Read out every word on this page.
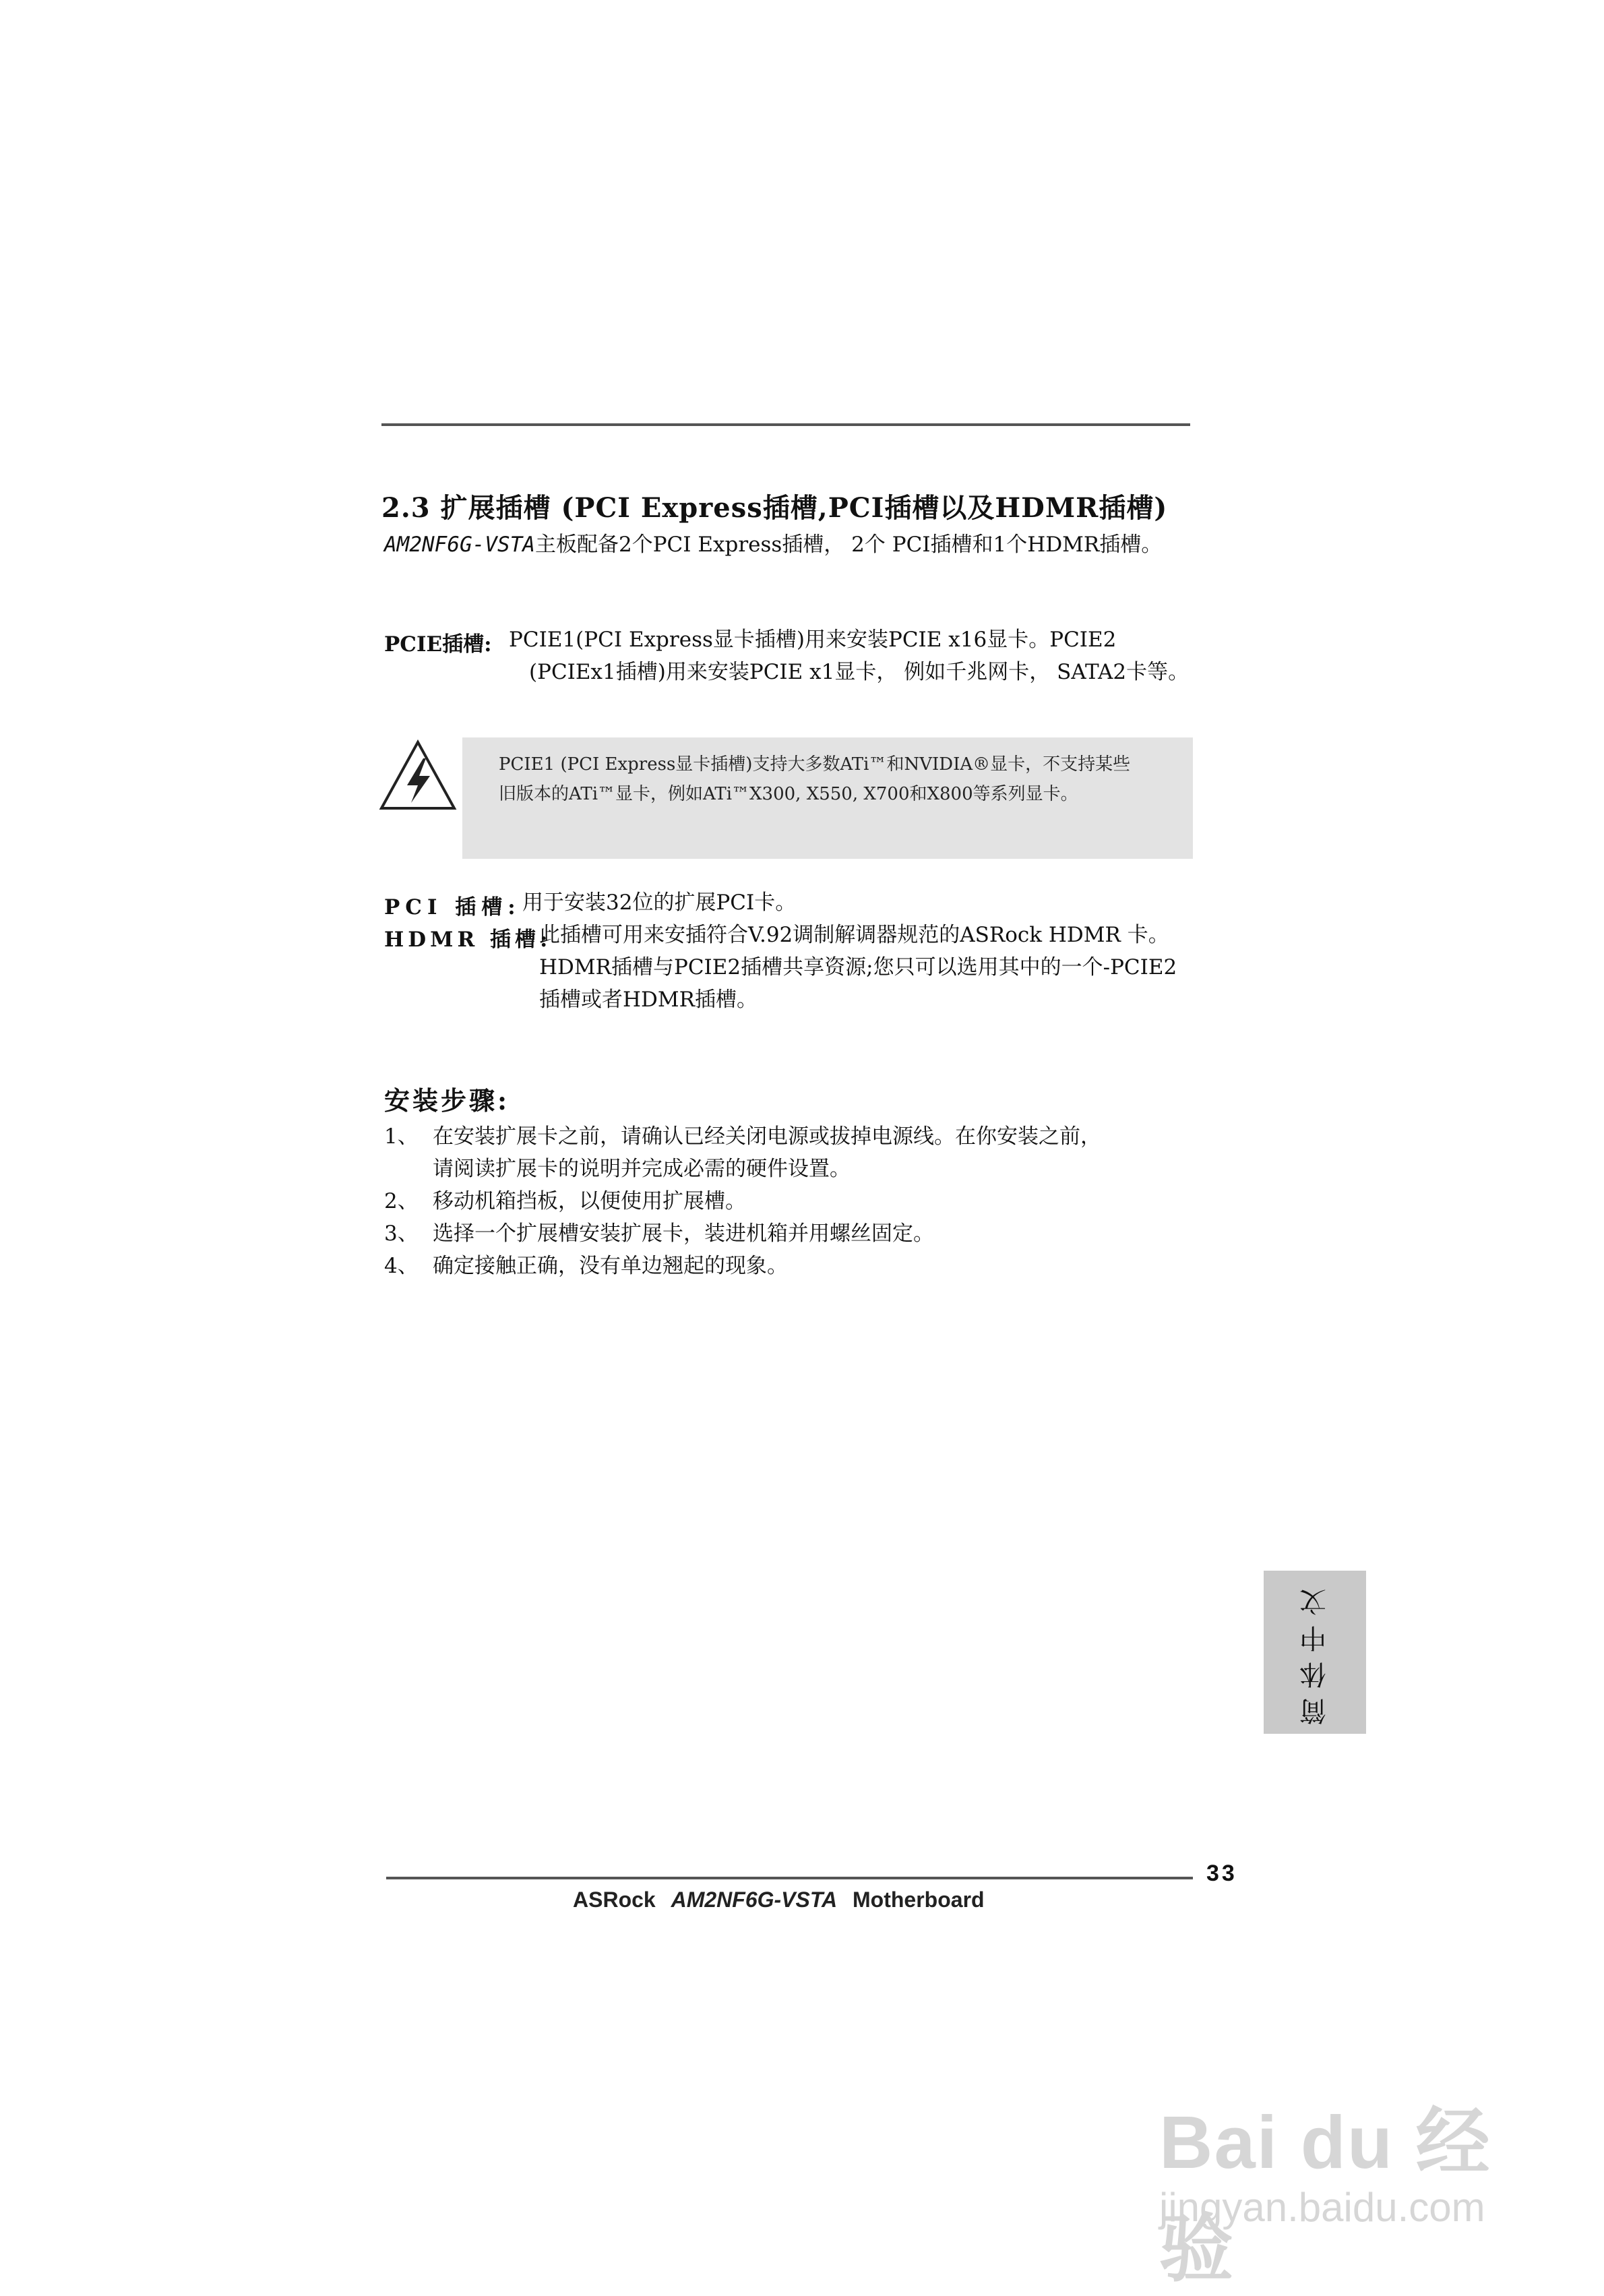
2.3 扩展插槽 (PCI Express插槽,PCI插槽以及HDMR插槽)
AM2NF6G-VSTA主板配备2个PCI Express插槽， 2个 PCI插槽和1个HDMR插槽。
PCIE插槽: PCIE1(PCI Express显卡插槽)用来安装PCIE x16显卡。PCIE2
(PCIEx1插槽)用来安装PCIE x1显卡， 例如千兆网卡， SATA2卡等。
PCIE1 (PCI Express显卡插槽)支持大多数ATi™和NVIDIA®显卡，不支持某些旧版本的ATi™显卡，例如ATi™X300, X550, X700和X800等系列显卡。
PCI 插槽: 用于安装32位的扩展PCI卡。
HDMR 插槽:
此插槽可用来安插符合V.92调制解调器规范的ASRock HDMR 卡。HDMR插槽与PCIE2插槽共享资源;您只可以选用其中的一个-PCIE2插槽或者HDMR插槽。
安装步骤:
1、 在安装扩展卡之前，请确认已经关闭电源或拔掉电源线。在你安装之前，
请阅读扩展卡的说明并完成必需的硬件设置。
2、 移动机箱挡板，以便使用扩展槽。
3、 选择一个扩展槽安装扩展卡，装进机箱并用螺丝固定。
4、 确定接触正确，没有单边翘起的现象。
简体中文
33
ASRock AM2NF6G-VSTA Motherboard
Bai du 经验
jingyan.baidu.com
